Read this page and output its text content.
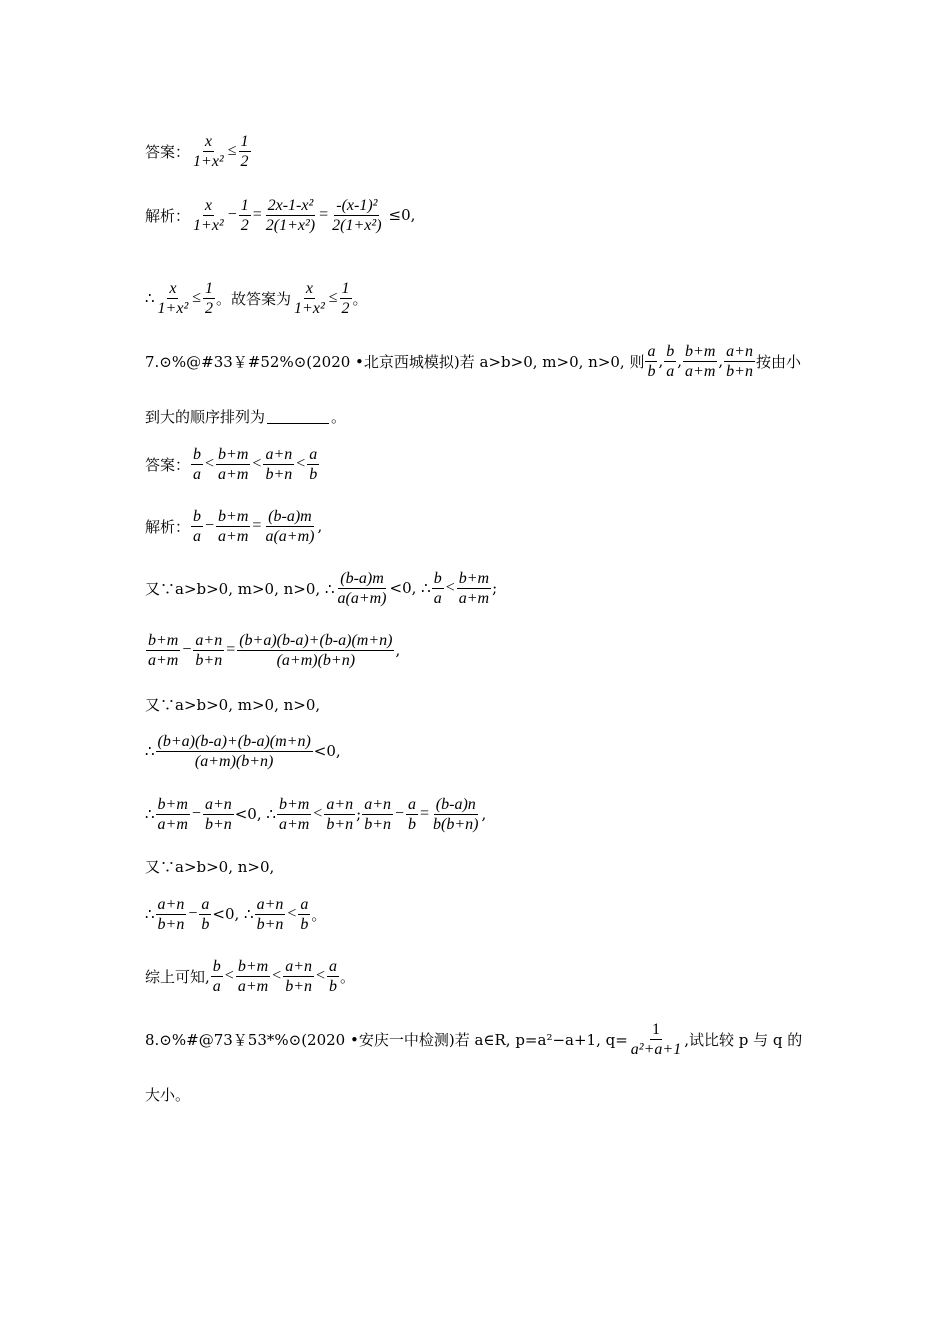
答案： $\frac{x}{\text{1+x²}} \le \frac{1}{2}$
解析： $\frac{x}{\text{1+x²}} - \frac{1}{2} = \frac{\text{2x-1-x²}}{\text{2(1+x²)}} = \frac{\text{-(x-1)²}}{\text{2(1+x²)}} \le 0$,
∴ $\frac{x}{\text{1+x²}} \le \frac{1}{2}$ 。故答案为 $\frac{x}{\text{1+x²}} \le \frac{1}{2}$ 。
7.⊙%@#33￥#52%⊙(2020 •北京西城模拟)若 a>b>0, m>0, n>0, 则 $\frac{a}{b}$ , $\frac{b}{a}$ , $\frac{b+m}{a+m}$ , $\frac{a+n}{b+n}$ 按由小
到大的顺序排列为	。
答案： $\frac{b}{a} < \frac{b+m}{a+m} < \frac{a+n}{b+n} < \frac{a}{b}$
解析： $\frac{b}{a} - \frac{b+m}{a+m} = \frac{(b-a)m}{a(a+m)}$ ,
又∵a>b>0, m>0, n>0, ∴ $\frac{(b-a)m}{a(a+m)} <0$, ∴ $\frac{b}{a} < \frac{b+m}{a+m}$ ;
$\frac{b+m}{a+m} - \frac{a+n}{b+n} = \frac{(b+a)(b-a)+(b-a)(m+n)}{(a+m)(b+n)}$ ,
又∵a>b>0, m>0, n>0,
∴ $\frac{(b+a)(b-a)+(b-a)(m+n)}{(a+m)(b+n)} <0$,
∴ $\frac{b+m}{a+m} - \frac{a+n}{b+n} <0$, ∴ $\frac{b+m}{a+m} < \frac{a+n}{b+n}$ ; $\frac{a+n}{b+n} - \frac{a}{b} = \frac{(b-a)n}{b(b+n)}$ ,
又∵a>b>0, n>0,
∴ $\frac{a+n}{b+n} - \frac{a}{b} <0$, ∴ $\frac{a+n}{b+n} < \frac{a}{b}$ 。
综上可知, $\frac{b}{a} < \frac{b+m}{a+m} < \frac{a+n}{b+n} < \frac{a}{b}$ 。
8.⊙%#@73￥53*%⊙(2020 •安庆一中检测)若 a∈R, p=a²−a+1, $q= \frac{1}{\text{a²+a+1}}$ ,试比较 p 与 q 的
大小。
